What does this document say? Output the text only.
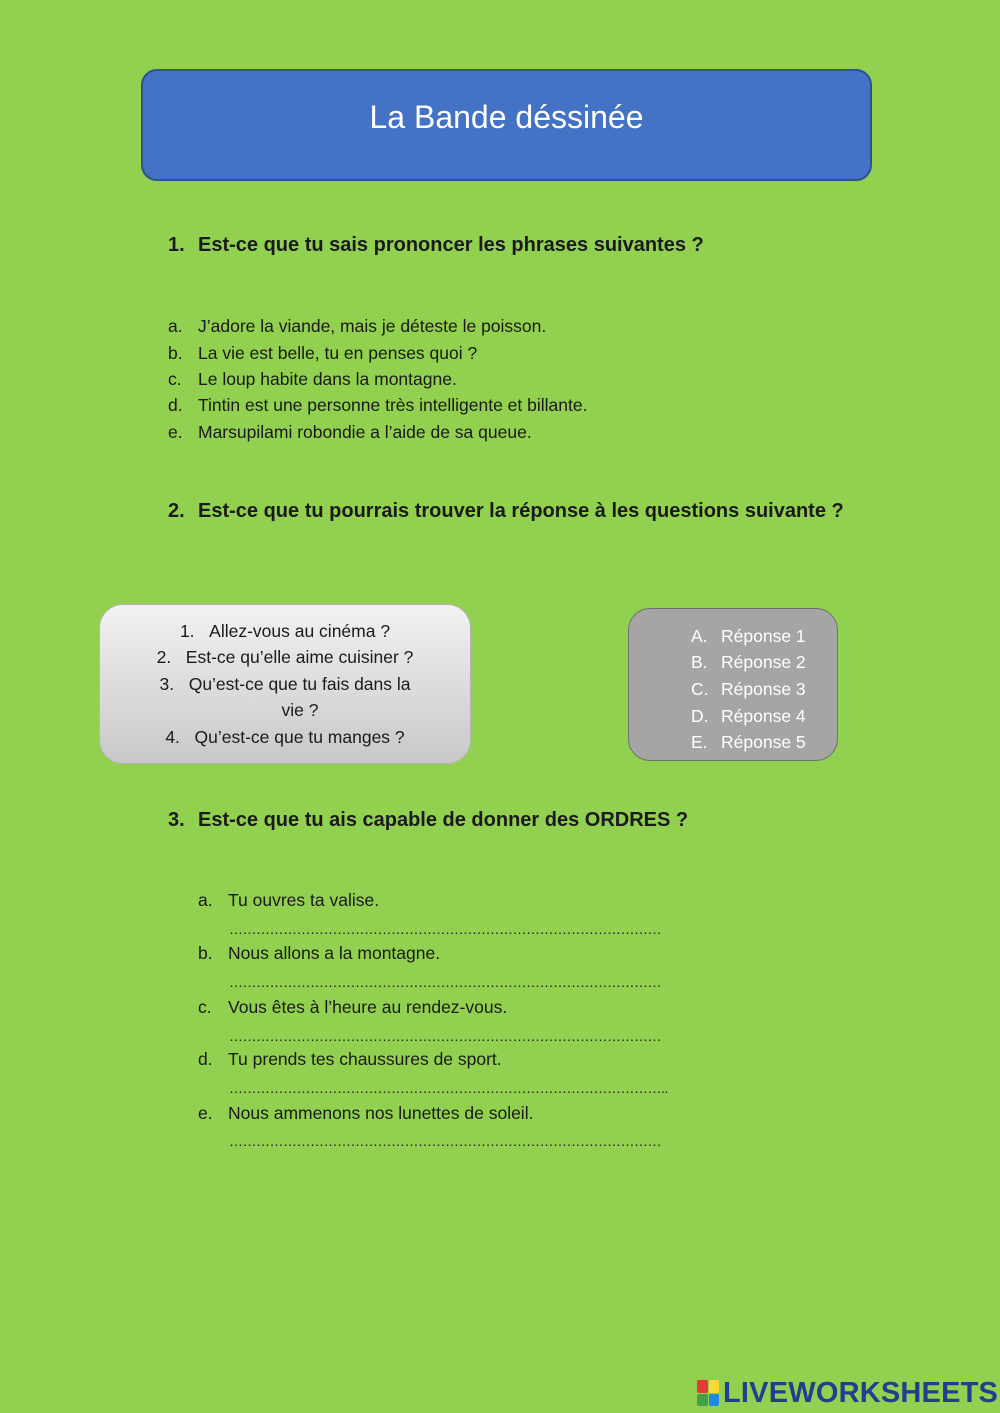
La Bande déssinée
1. Est-ce que tu sais prononcer les phrases suivantes ?
a. J’adore la viande, mais je déteste le poisson.
b. La vie est belle, tu en penses quoi ?
c. Le loup habite dans la montagne.
d. Tintin est une personne très intelligente et billante.
e. Marsupilami robondie a l’aide de sa queue.
2. Est-ce que tu pourrais trouver la réponse à les questions suivante ?
1. Allez-vous au cinéma ?
2. Est-ce qu’elle aime cuisiner ?
3. Qu’est-ce que tu fais dans la
vie ?
4. Qu’est-ce que tu manges ?
A. Réponse 1
B. Réponse 2
C. Réponse 3
D. Réponse 4
E. Réponse 5
3. Est-ce que tu ais capable de donner des ORDRES ?
a. Tu ouvres ta valise.
b. Nous allons a la montagne.
c. Vous êtes à l’heure au rendez-vous.
d. Tu prends tes chaussures de sport.
e. Nous ammenons nos lunettes de soleil.
……………………………………………………………………………………
……………………………………………………………………………………
……………………………………………………………………………………
……………………………………………………………………………………..
……………………………………………………………………………………
LIVEWORKSHEETS
